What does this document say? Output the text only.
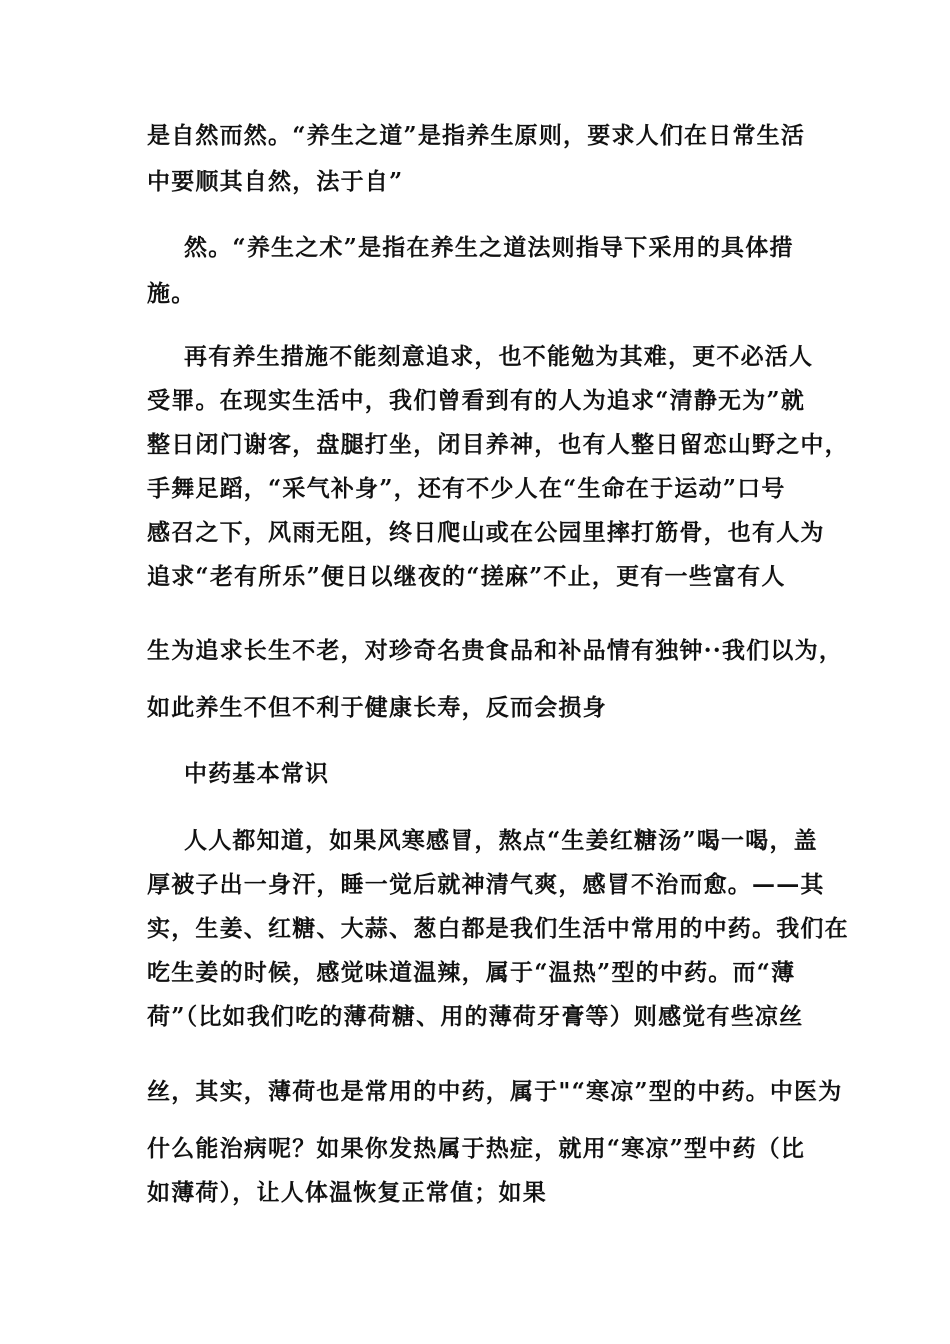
是自然而然。“养生之道”是指养生原则，要求人们在日常生活
中要顺其自然，法于自”
然。“养生之术”是指在养生之道法则指导下采用的具体措
施。
再有养生措施不能刻意追求，也不能勉为其难，更不必活人
受罪。在现实生活中，我们曾看到有的人为追求“清静无为”就
整日闭门谢客，盘腿打坐，闭目养神，也有人整日留恋山野之中，
手舞足蹈，“采气补身”，还有不少人在“生命在于运动”口号
感召之下，风雨无阻，终日爬山或在公园里摔打筋骨，也有人为
追求“老有所乐”便日以继夜的“搓麻”不止，更有一些富有人
生为追求长生不老，对珍奇名贵食品和补品情有独钟··我们以为，
如此养生不但不利于健康长寿，反而会损身
中药基本常识
人人都知道，如果风寒感冒，熬点“生姜红糖汤”喝一喝，盖
厚被子出一身汗，睡一觉后就神清气爽，感冒不治而愈。——其
实，生姜、红糖、大蒜、葱白都是我们生活中常用的中药。我们在
吃生姜的时候，感觉味道温辣，属于“温热”型的中药。而“薄
荷”（比如我们吃的薄荷糖、用的薄荷牙膏等）则感觉有些凉丝
丝，其实，薄荷也是常用的中药，属于"“寒凉”型的中药。中医为
什么能治病呢？如果你发热属于热症，就用“寒凉”型中药（比
如薄荷），让人体温恢复正常值；如果
